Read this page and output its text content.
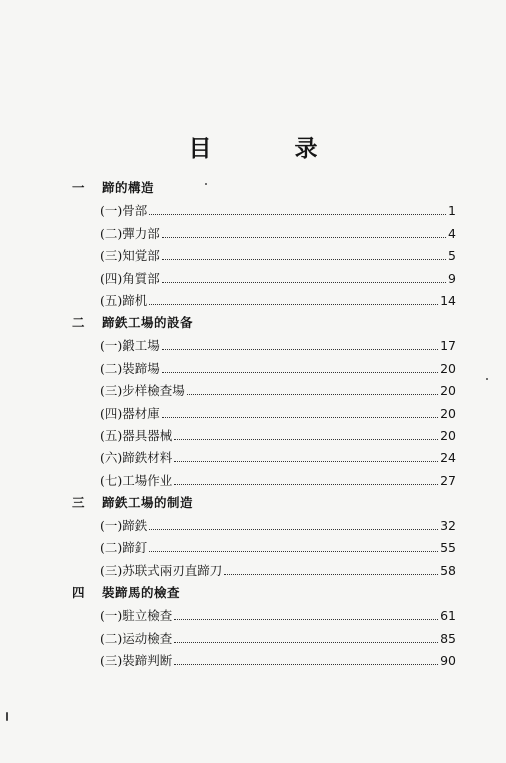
目　录
一 蹄的構造
(一)骨部	1
(二)彈力部	4
(三)知覚部	5
(四)角質部	9
(五)蹄机	14
二 蹄鉄工場的設备
(一)鍛工場	17
(二)裝蹄場	20
(三)步样檢查場	20
(四)器材庫	20
(五)器具器械	20
(六)蹄鉄材料	24
(七)工場作业	27
三 蹄鉄工場的制造
(一)蹄鉄	32
(二)蹄釘	55
(三)苏联式兩刃直蹄刀	58
四 裝蹄馬的檢查
(一)駐立檢查	61
(二)运动檢查	85
(三)裝蹄判断	90
